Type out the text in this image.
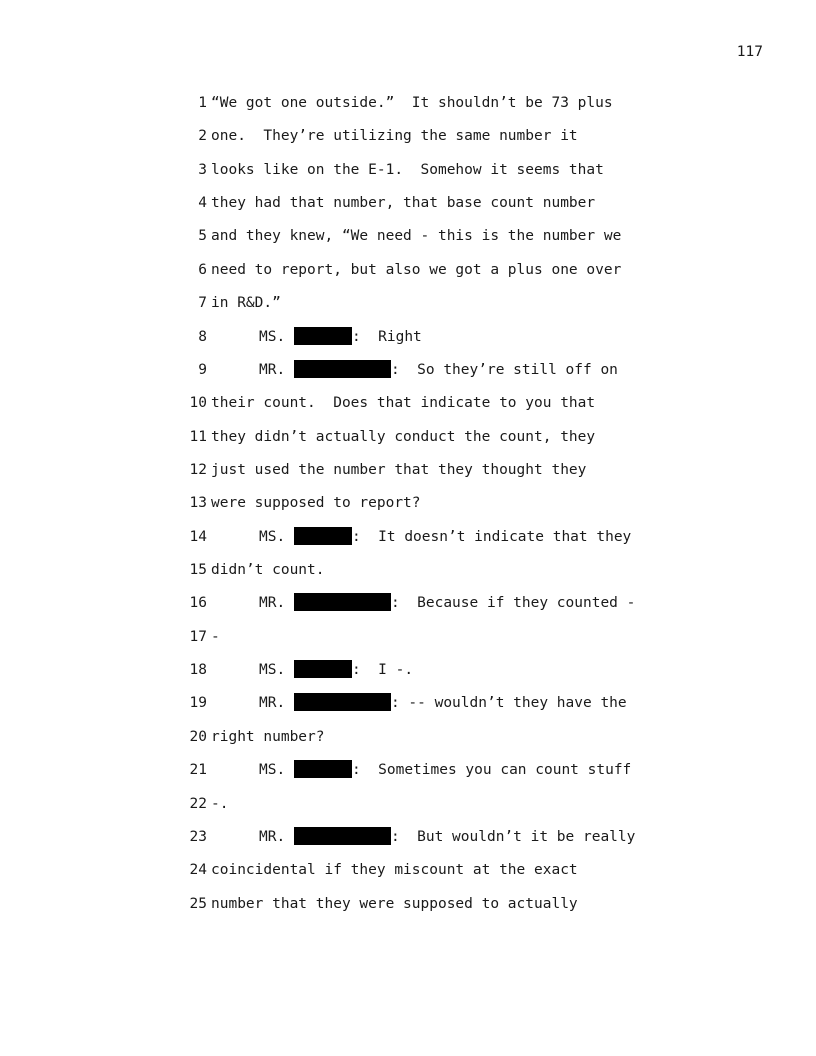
117
1 “We got one outside.”  It shouldn’t be 73 plus
2 one.  They’re utilizing the same number it
3 looks like on the E-1.  Somehow it seems that
4 they had that number, that base count number
5 and they knew, “We need - this is the number we
6 need to report, but also we got a plus one over
7 in R&D.”
8	MS.	:  Right
9	MR.	:  So they’re still off on
10 their count.  Does that indicate to you that
11 they didn’t actually conduct the count, they
12 just used the number that they thought they
13 were supposed to report?
14	MS.	:  It doesn’t indicate that they
15 didn’t count.
16	MR.	:  Because if they counted -
17 -
18	MS.	:  I -.
19	MR.	: -- wouldn’t they have the
20 right number?
21	MS.	:  Sometimes you can count stuff
22 -.
23	MR.	:  But wouldn’t it be really
24 coincidental if they miscount at the exact
25 number that they were supposed to actually
